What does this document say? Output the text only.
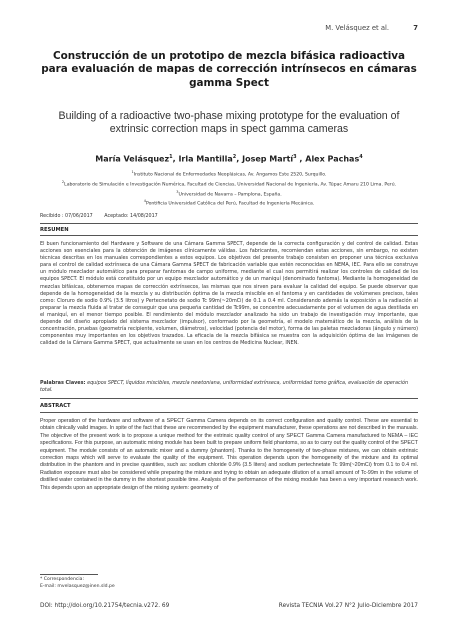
M. Velásquez et al.	7
Construcción de un prototipo de mezcla bifásica radioactiva para evaluación de mapas de corrección intrínsecos en cámaras gamma Spect
Building of a radioactive two-phase mixing prototype for the evaluation of extrinsic correction maps in spect gamma cameras
María Velásquez$^1$, Irla Mantilla$^2$, Josep Martí$^3$ , Alex Pachas$^4$
$^1$Instituto Nacional de Enfermedades Neoplásicas, Av. Angamos Este 2520, Surquillo.
$^2$Laboratorio de Simulación e Investigación Numérica, Facultad de Ciencias, Universidad Nacional de Ingeniería, Av. Túpac Amaru 210 Lima. Perú.
$^3$Universidad de Navarra – Pamplona, España.
$^4$Pontificia Universidad Católica del Perú, Facultad de Ingeniería Mecánica.
Recibido : 07/06/2017 Aceptado: 14/08/2017
RESUMEN
El buen funcionamiento del Hardware y Software de una Cámara Gamma SPECT, depende de la correcta configuración y del control de calidad. Estas acciones son esenciales para la obtención de imágenes clínicamente válidas. Los fabricantes, recomiendan estas acciones, sin embargo, no existen técnicas descritas en los manuales correspondientes a estos equipos. Los objetivos del presente trabajo consisten en proponer una técnica exclusiva para el control de calidad extrínseca de una Cámara Gamma SPECT de fabricación variable que estén reconocidas en NEMA, IEC. Para ello se construye un módulo mezclador automático para preparar fantomas de campo uniforme, mediante el cual nos permitirá realizar los controles de calidad de los equipos SPECT. El módulo está constituido por un equipo mezclador automático y de un maniquí (denominado fantoma). Mediante la homogeneidad de mezclas bifásicas, obtenemos mapas de corrección extrínsecos, las mismas que nos sirven para evaluar la calidad del equipo. Se puede observar que depende de la homogeneidad de la mezcla y su distribución óptima de la mezcla miscible en el fantoma y en cantidades de volúmenes precisos, tales como: Cloruro de sodio 0.9% (3.5 litros) y Pertecnetato de sodio Tc 99m(~20mCi) de 0.1 a 0.4 ml. Considerando además la exposición a la radiación al preparar la mezcla fluida al tratar de conseguir que una pequeña cantidad de Tc99m, se concentre adecuadamente por el volumen de agua destilada en el maniquí, en el menor tiempo posible. El rendimiento del módulo mezclador analizado ha sido un trabajo de investigación muy importante, que depende del diseño apropiado del sistema mezclador (impulsor), conformado por la geometría, el modelo matemático de la mezcla, análisis de la concentración, pruebas (geometría recipiente, volumen, diámetros), velocidad (potencia del motor), forma de las paletas mezcladoras (ángulo y número) componentes muy importantes en los objetivos trazados. La eficacia de la mezcla bifásica se muestra con la adquisición óptima de las imágenes de calidad de la Cámara Gamma SPECT, que actualmente se usan en los centros de Medicina Nuclear, INEN.
Palabras Claves: equipos SPECT, líquidos miscibles, mezcla newtoniana, uniformidad extrínseca, uniformidad tomo gráfica, evaluación de operación total.
ABSTRACT
Proper operation of the hardware and software of a SPECT Gamma Camera depends on its correct configuration and quality control. These are essential to obtain clinically valid images. In spite of the fact that these are recommended by the equipment manufacturer, these operations are not described in the manuals. The objective of the present work is to propose a unique method for the extrinsic quality control of any SPECT Gamma Camera manufactured to NEMA – IEC specifications. For this purpose, an automatic mixing module has been built to prepare uniform field phantoms, so as to carry out the quality control of the SPECT equipment. The module consists of an automatic mixer and a dummy (phantom). Thanks to the homogeneity of two-phase mixtures, we can obtain extrinsic correction maps which will serve to evaluate the quality of the equipment. This operation depends upon the homogeneity of the mixture and its optimal distribution in the phantom and in precise quantities, such as: sodium chloride 0.9% (3.5 liters) and sodium pertechnetate Tc 99m(~20mCi) from 0.1 to 0.4 ml. Radiation exposure must also be considered while preparing the mixture and trying to obtain an adequate dilution of a small amount of Tc-99m in the volume of distilled water contained in the dummy in the shortest possible time. Analysis of the performance of the mixing module has been a very important research work. This depends upon an appropriate design of the mixing system: geometry of
* Correspondencia:
E-mail: mvelasquez@inen.sld.pe
DOI: http://doi.org/10.21754/tecnia.v272. 69	Revista TECNIA Vol.27 N°2 Julio-Diciembre 2017
